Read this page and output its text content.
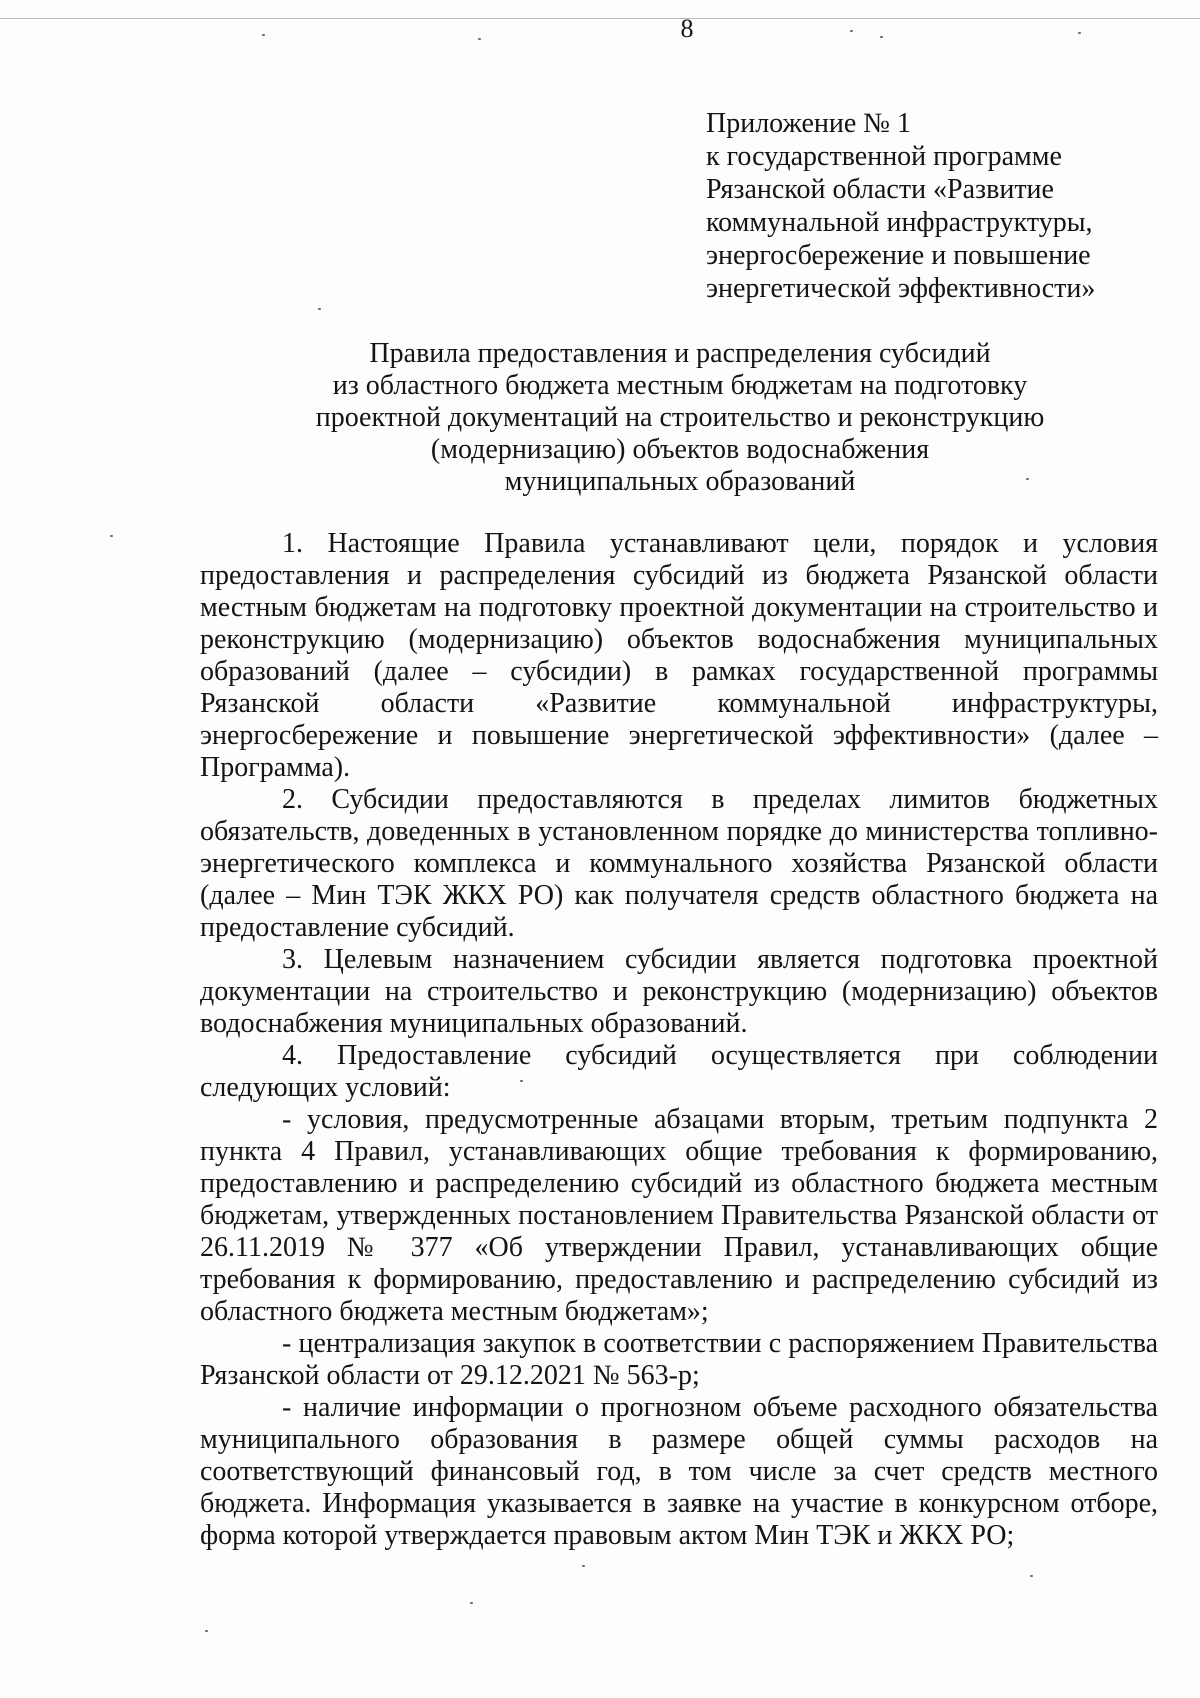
8
Приложение № 1
к государственной программе
Рязанской области «Развитие
коммунальной инфраструктуры,
энергосбережение и повышение
энергетической эффективности»
Правила предоставления и распределения субсидий
из областного бюджета местным бюджетам на подготовку
проектной документаций на строительство и реконструкцию
(модернизацию) объектов водоснабжения
муниципальных образований

1. Настоящие Правила устанавливают цели, порядок и условия предоставления и распределения субсидий из бюджета Рязанской области местным бюджетам на подготовку проектной документации на строительство и реконструкцию (модернизацию) объектов водоснабжения муниципальных образований (далее – субсидии) в рамках государственной программы Рязанской области «Развитие коммунальной инфраструктуры, энергосбережение и повышение энергетической эффективности» (далее – Программа).

2. Субсидии предоставляются в пределах лимитов бюджетных обязательств, доведенных в установленном порядке до министерства топливно-энергетического комплекса и коммунального хозяйства Рязанской области (далее – Мин ТЭК ЖКХ РО) как получателя средств областного бюджета на предоставление субсидий.

3. Целевым назначением субсидии является подготовка проектной документации на строительство и реконструкцию (модернизацию) объектов водоснабжения муниципальных образований.

4. Предоставление субсидий осуществляется при соблюдении следующих условий:

- условия, предусмотренные абзацами вторым, третьим подпункта 2 пункта 4 Правил, устанавливающих общие требования к формированию, предоставлению и распределению субсидий из областного бюджета местным бюджетам, утвержденных постановлением Правительства Рязанской области от 26.11.2019 № 377 «Об утверждении Правил, устанавливающих общие требования к формированию, предоставлению и распределению субсидий из областного бюджета местным бюджетам»;

- централизация закупок в соответствии с распоряжением Правительства Рязанской области от 29.12.2021 № 563-р;

- наличие информации о прогнозном объеме расходного обязательства муниципального образования в размере общей суммы расходов на соответствующий финансовый год, в том числе за счет средств местного бюджета. Информация указывается в заявке на участие в конкурсном отборе, форма которой утверждается правовым актом Мин ТЭК и ЖКХ РО;
